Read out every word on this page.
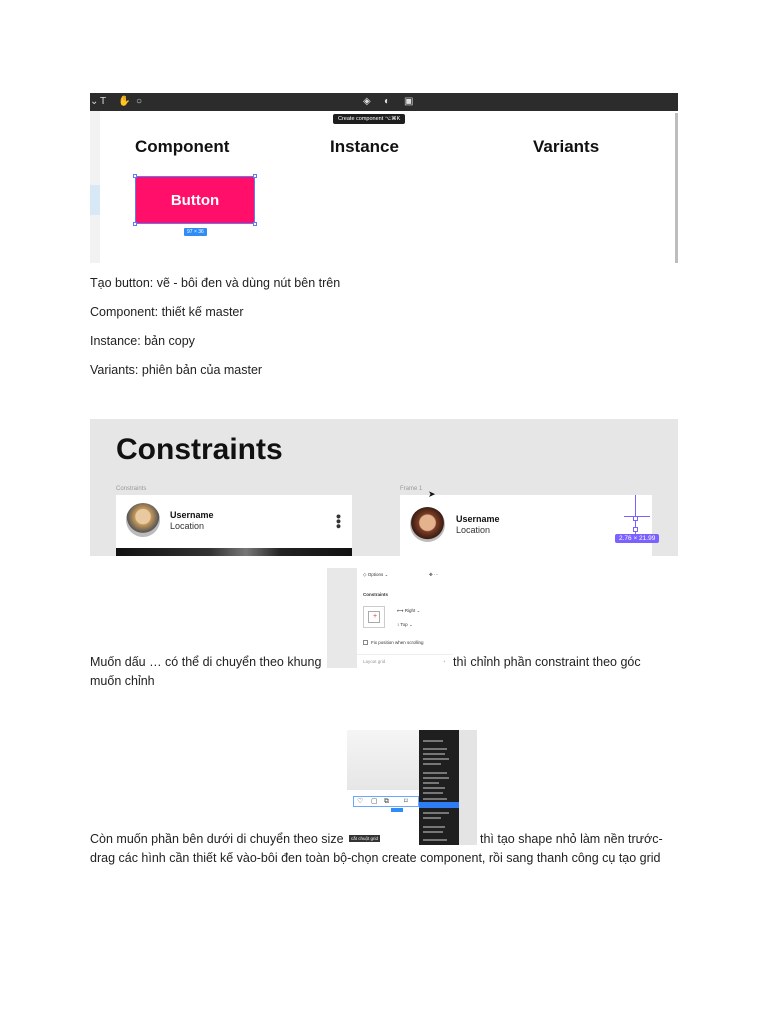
⌄ T ✋ ○	◈ ◐ ▣
Create component ⌥⌘K
Component	Instance	Variants
Button
97 × 36
Tạo button: vẽ - bôi đen và dùng nút bên trên
Component: thiết kế master
Instance: bản copy
Variants: phiên bản của master
Constraints
Constraints	Frame 1
Username
Location	•••	Username
Location
2.76 × 21.99
➤
Muốn dấu … có thể di chuyển theo khung	thì chỉnh phần constraint theo góc
muốn chỉnh
◇ Options ⌄	✥ ···
Constraints
+
⟷ Right ⌄
↕ Top ⌄
Fix position when scrolling
Layout grid	+
Còn muốn phần bên dưới di chuyển theo size	thì tạo shape nhỏ làm nền trước-
drag các hình cần thiết kế vào-bôi đen toàn bộ-chọn create component, rồi sang thanh công cụ tạo grid
♡ ▢ ⧉ ⌑
cắt chuột grid
